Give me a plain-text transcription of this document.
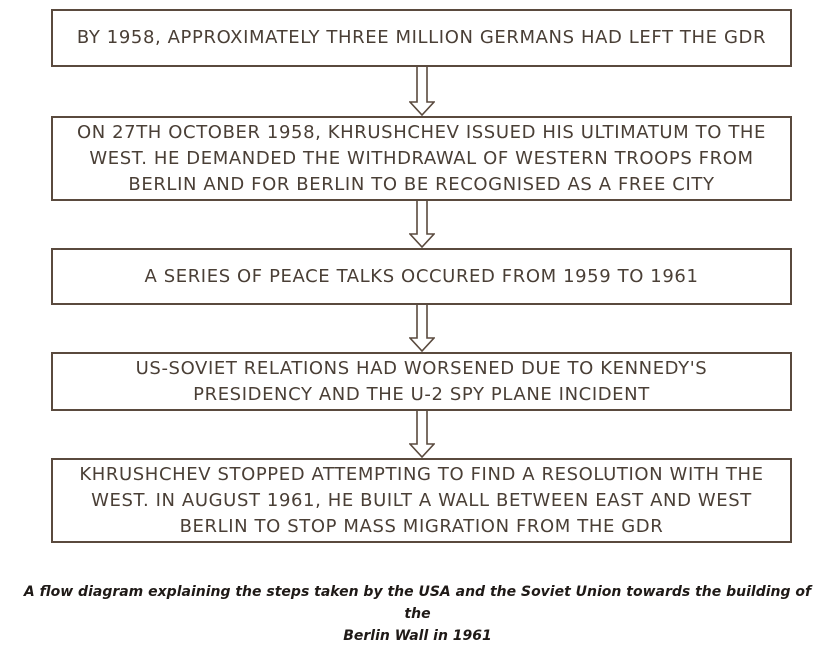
BY 1958, APPROXIMATELY THREE MILLION GERMANS HAD LEFT THE GDR
ON 27TH OCTOBER 1958, KHRUSHCHEV ISSUED HIS ULTIMATUM TO THE
WEST. HE DEMANDED THE WITHDRAWAL OF WESTERN TROOPS FROM
BERLIN AND FOR BERLIN TO BE RECOGNISED AS A FREE CITY
A SERIES OF PEACE TALKS OCCURED FROM 1959 TO 1961
US-SOVIET RELATIONS HAD WORSENED DUE TO KENNEDY'S
PRESIDENCY AND THE U-2 SPY PLANE INCIDENT
KHRUSHCHEV STOPPED ATTEMPTING TO FIND A RESOLUTION WITH THE
WEST. IN AUGUST 1961, HE BUILT A WALL BETWEEN EAST AND WEST
BERLIN TO STOP MASS MIGRATION FROM THE GDR
A flow diagram explaining the steps taken by the USA and the Soviet Union towards the building of the
Berlin Wall in 1961
